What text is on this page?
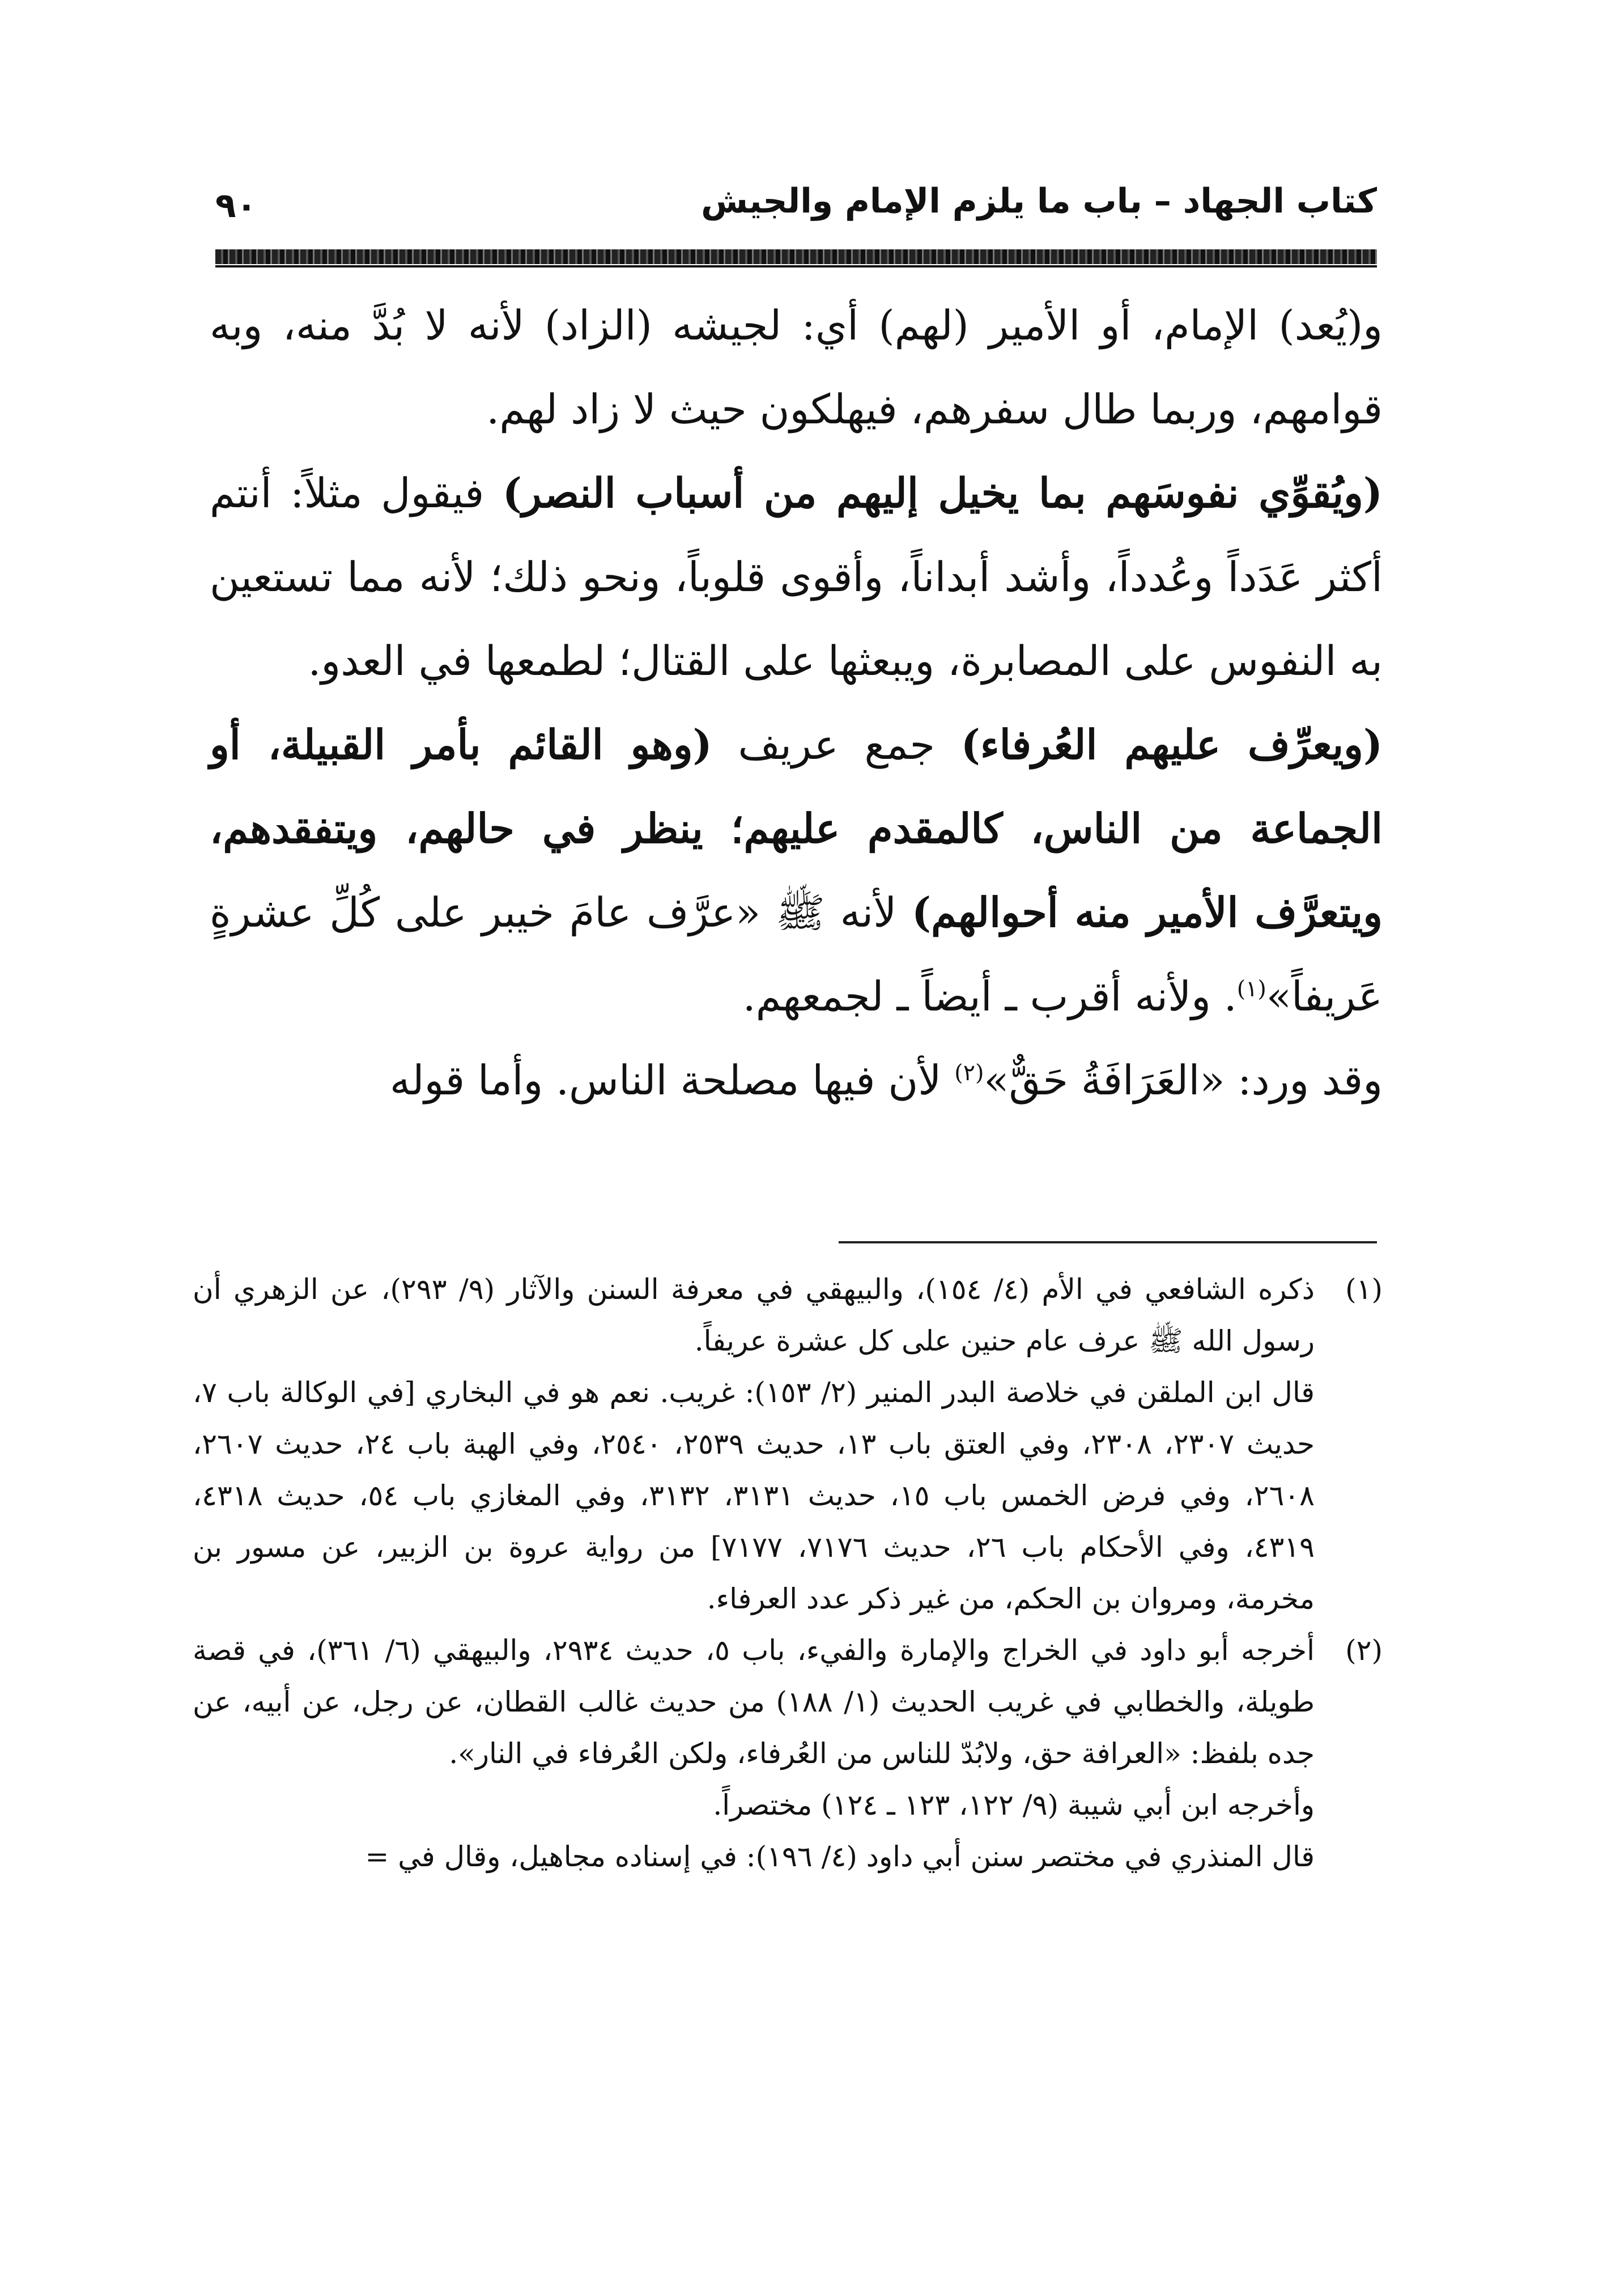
كتاب الجهاد – باب ما يلزم الإمام والجيش
٩٠

و(يُعد) الإمام، أو الأمير (لهم) أي: لجيشه (الزاد) لأنه لا بُدَّ منه، وبه قوامهم، وربما طال سفرهم، فيهلكون حيث لا زاد لهم.

(ويُقوِّي نفوسَهم بما يخيل إليهم من أسباب النصر) فيقول مثلاً: أنتم أكثر عَدَداً وعُدداً، وأشد أبداناً، وأقوى قلوباً، ونحو ذلك؛ لأنه مما تستعين به النفوس على المصابرة، ويبعثها على القتال؛ لطمعها في العدو.

(ويعرِّف عليهم العُرفاء) جمع عريف (وهو القائم بأمر القبيلة، أو الجماعة من الناس، كالمقدم عليهم؛ ينظر في حالهم، ويتفقدهم، ويتعرَّف الأمير منه أحوالهم) لأنه ﷺ «عرَّف عامَ خيبر على كُلِّ عشرةٍ عَريفاً»$^{(١)}$. ولأنه أقرب ـ أيضاً ـ لجمعهم.

وقد ورد: «العَرَافَةُ حَقٌّ»$^{(٢)}$ لأن فيها مصلحة الناس. وأما قوله

(١)

ذكره الشافعي في الأم (٤/ ١٥٤)، والبيهقي في معرفة السنن والآثار (٩/ ٢٩٣)، عن الزهري أن رسول الله ﷺ عرف عام حنين على كل عشرة عريفاً.

قال ابن الملقن في خلاصة البدر المنير (٢/ ١٥٣): غريب. نعم هو في البخاري [في الوكالة باب ٧، حديث ٢٣٠٧، ٢٣٠٨، وفي العتق باب ١٣، حديث ٢٥٣٩، ٢٥٤٠، وفي الهبة باب ٢٤، حديث ٢٦٠٧، ٢٦٠٨، وفي فرض الخمس باب ١٥، حديث ٣١٣١، ٣١٣٢، وفي المغازي باب ٥٤، حديث ٤٣١٨، ٤٣١٩، وفي الأحكام باب ٢٦، حديث ٧١٧٦، ٧١٧٧] من رواية عروة بن الزبير، عن مسور بن مخرمة، ومروان بن الحكم، من غير ذكر عدد العرفاء.

(٢)

أخرجه أبو داود في الخراج والإمارة والفيء، باب ٥، حديث ٢٩٣٤، والبيهقي (٦/ ٣٦١)، في قصة طويلة، والخطابي في غريب الحديث (١/ ١٨٨) من حديث غالب القطان، عن رجل، عن أبيه، عن جده بلفظ: «العرافة حق، ولابُدّ للناس من العُرفاء، ولكن العُرفاء في النار».

وأخرجه ابن أبي شيبة (٩/ ١٢٢، ١٢٣ ـ ١٢٤) مختصراً.

قال المنذري في مختصر سنن أبي داود (٤/ ١٩٦): في إسناده مجاهيل، وقال في =
